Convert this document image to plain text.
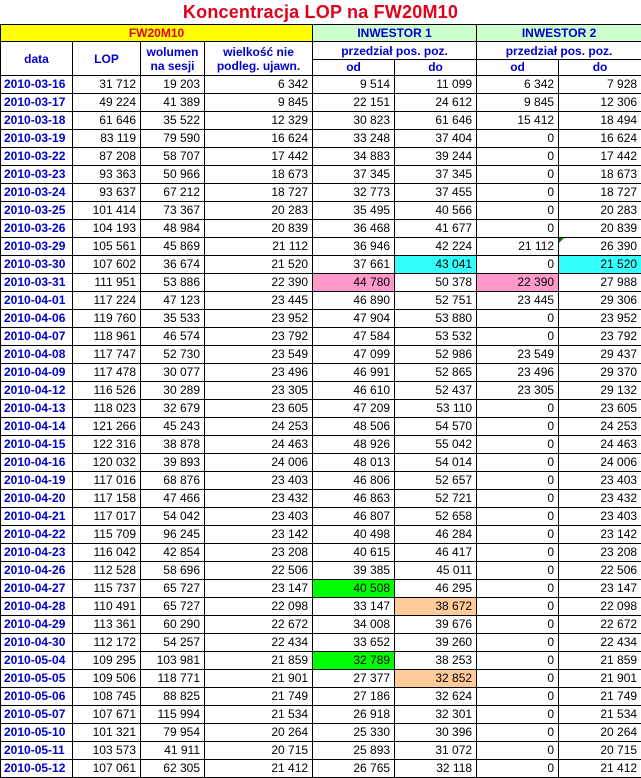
Koncentracja LOP na FW20M10
FW20M10				INWESTOR 1		INWESTOR 2	
data	LOP	wolumen na sesji	wielkość nie podleg. ujawn.	przedział pos. poz.		przedział pos. poz.	
				od	do	od	do
2010-03-16	31 712	19 203	6 342	9 514	11 099	6 342	7 928
2010-03-17	49 224	41 389	9 845	22 151	24 612	9 845	12 306
2010-03-18	61 646	35 522	12 329	30 823	61 646	15 412	18 494
2010-03-19	83 119	79 590	16 624	33 248	37 404	0	16 624
2010-03-22	87 208	58 707	17 442	34 883	39 244	0	17 442
2010-03-23	93 363	50 966	18 673	37 345	37 345	0	18 673
2010-03-24	93 637	67 212	18 727	32 773	37 455	0	18 727
2010-03-25	101 414	73 367	20 283	35 495	40 566	0	20 283
2010-03-26	104 193	48 984	20 839	36 468	41 677	0	20 839
2010-03-29	105 561	45 869	21 112	36 946	42 224	21 112	26 390
2010-03-30	107 602	36 674	21 520	37 661	43 041	0	21 520
2010-03-31	111 951	53 886	22 390	44 780	50 378	22 390	27 988
2010-04-01	117 224	47 123	23 445	46 890	52 751	23 445	29 306
2010-04-06	119 760	35 533	23 952	47 904	53 880	0	23 952
2010-04-07	118 961	46 574	23 792	47 584	53 532	0	23 792
2010-04-08	117 747	52 730	23 549	47 099	52 986	23 549	29 437
2010-04-09	117 478	30 077	23 496	46 991	52 865	23 496	29 370
2010-04-12	116 526	30 289	23 305	46 610	52 437	23 305	29 132
2010-04-13	118 023	32 679	23 605	47 209	53 110	0	23 605
2010-04-14	121 266	45 243	24 253	48 506	54 570	0	24 253
2010-04-15	122 316	38 878	24 463	48 926	55 042	0	24 463
2010-04-16	120 032	39 893	24 006	48 013	54 014	0	24 006
2010-04-19	117 016	68 876	23 403	46 806	52 657	0	23 403
2010-04-20	117 158	47 466	23 432	46 863	52 721	0	23 432
2010-04-21	117 017	54 042	23 403	46 807	52 658	0	23 403
2010-04-22	115 709	96 245	23 142	40 498	46 284	0	23 142
2010-04-23	116 042	42 854	23 208	40 615	46 417	0	23 208
2010-04-26	112 528	58 696	22 506	39 385	45 011	0	22 506
2010-04-27	115 737	65 727	23 147	40 508	46 295	0	23 147
2010-04-28	110 491	65 727	22 098	33 147	38 672	0	22 098
2010-04-29	113 361	60 290	22 672	34 008	39 676	0	22 672
2010-04-30	112 172	54 257	22 434	33 652	39 260	0	22 434
2010-05-04	109 295	103 981	21 859	32 789	38 253	0	21 859
2010-05-05	109 506	118 771	21 901	27 377	32 852	0	21 901
2010-05-06	108 745	88 825	21 749	27 186	32 624	0	21 749
2010-05-07	107 671	115 994	21 534	26 918	32 301	0	21 534
2010-05-10	101 321	79 954	20 264	25 330	30 396	0	20 264
2010-05-11	103 573	41 911	20 715	25 893	31 072	0	20 715
2010-05-12	107 061	62 305	21 412	26 765	32 118	0	21 412
